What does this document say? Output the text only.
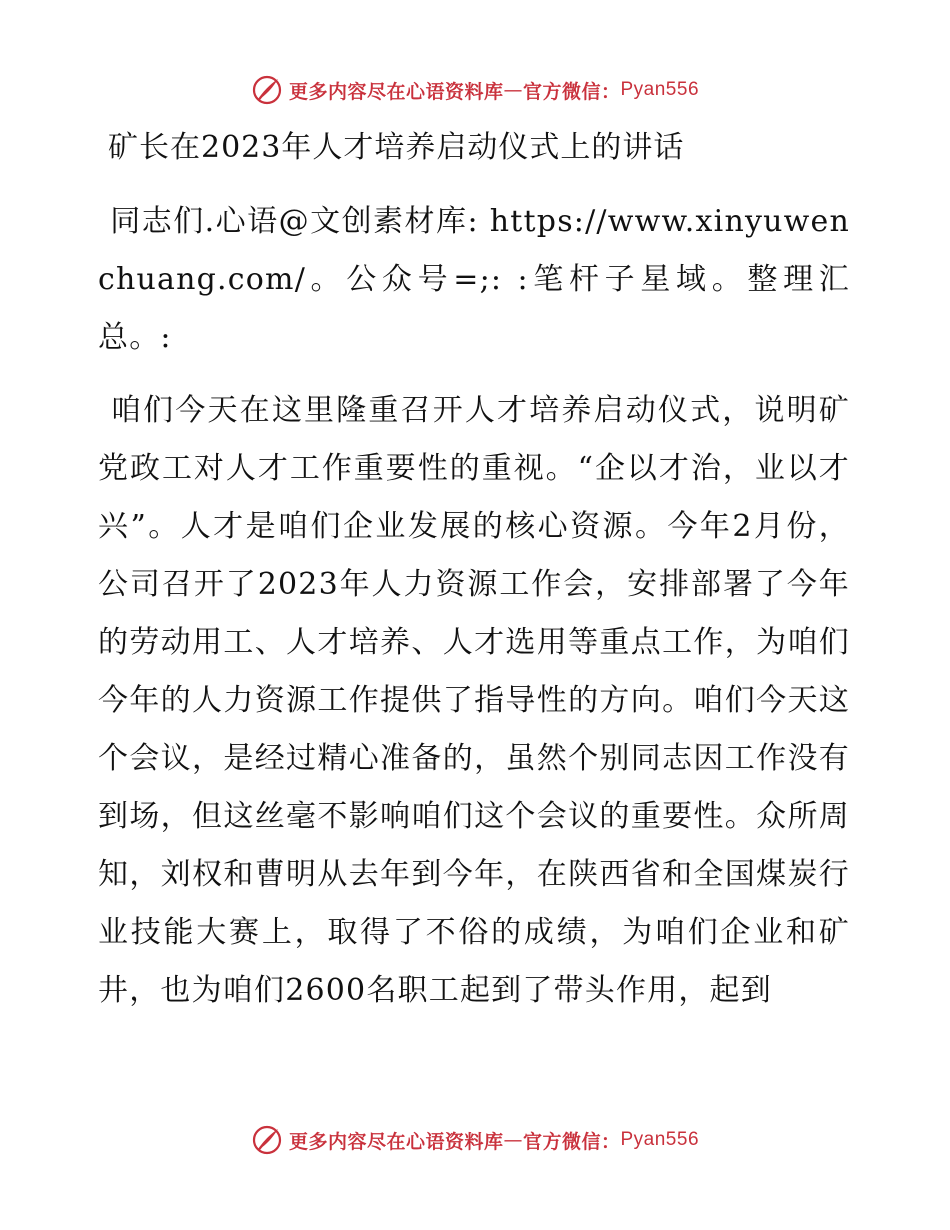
更多内容尽在心语资料库 — 官方微信： Pyan556
矿长在2023年人才培养启动仪式上的讲话

同志们.心语@文创素材库: https://www.xinyuwenchuang.com/。公众号=;: :笔杆子星域。整理汇总。:

咱们今天在这里隆重召开人才培养启动仪式，说明矿党政工对人才工作重要性的重视。“企以才治，业以才兴”。人才是咱们企业发展的核心资源。今年2月份，公司召开了2023年人力资源工作会，安排部署了今年的劳动用工、人才培养、人才选用等重点工作，为咱们今年的人力资源工作提供了指导性的方向。咱们今天这个会议，是经过精心准备的，虽然个别同志因工作没有到场，但这丝毫不影响咱们这个会议的重要性。众所周知，刘权和曹明从去年到今年，在陕西省和全国煤炭行业技能大赛上，取得了不俗的成绩，为咱们企业和矿井，也为咱们2600名职工起到了带头作用，起到

更多内容尽在心语资料库 — 官方微信： Pyan556
